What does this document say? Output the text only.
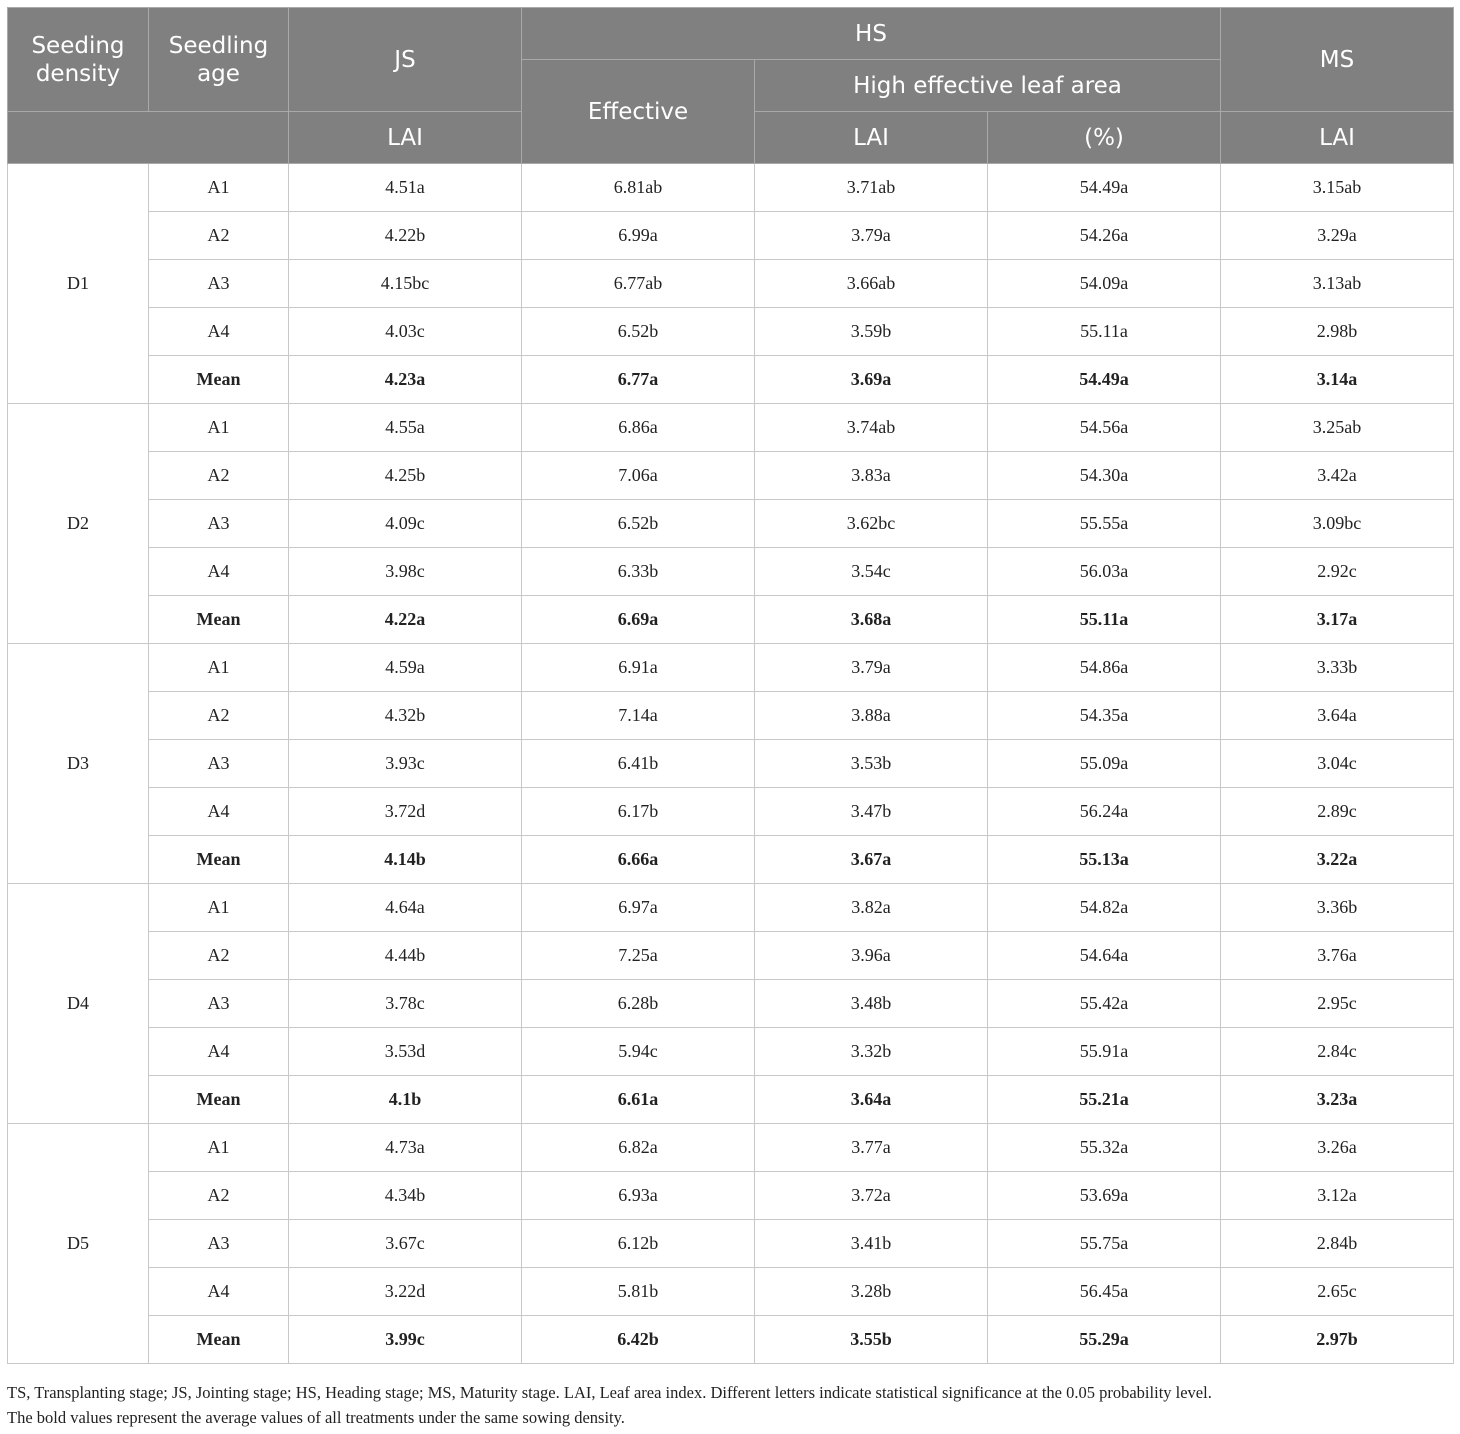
Seeding density	Seedling age	JS	HS			MS
			Effective	High effective leaf area		
		LAI		LAI	(%)	LAI
D1	A1	4.51a	6.81ab	3.71ab	54.49a	3.15ab
	A2	4.22b	6.99a	3.79a	54.26a	3.29a
	A3	4.15bc	6.77ab	3.66ab	54.09a	3.13ab
	A4	4.03c	6.52b	3.59b	55.11a	2.98b
	Mean	4.23a	6.77a	3.69a	54.49a	3.14a
D2	A1	4.55a	6.86a	3.74ab	54.56a	3.25ab
	A2	4.25b	7.06a	3.83a	54.30a	3.42a
	A3	4.09c	6.52b	3.62bc	55.55a	3.09bc
	A4	3.98c	6.33b	3.54c	56.03a	2.92c
	Mean	4.22a	6.69a	3.68a	55.11a	3.17a
D3	A1	4.59a	6.91a	3.79a	54.86a	3.33b
	A2	4.32b	7.14a	3.88a	54.35a	3.64a
	A3	3.93c	6.41b	3.53b	55.09a	3.04c
	A4	3.72d	6.17b	3.47b	56.24a	2.89c
	Mean	4.14b	6.66a	3.67a	55.13a	3.22a
D4	A1	4.64a	6.97a	3.82a	54.82a	3.36b
	A2	4.44b	7.25a	3.96a	54.64a	3.76a
	A3	3.78c	6.28b	3.48b	55.42a	2.95c
	A4	3.53d	5.94c	3.32b	55.91a	2.84c
	Mean	4.1b	6.61a	3.64a	55.21a	3.23a
D5	A1	4.73a	6.82a	3.77a	55.32a	3.26a
	A2	4.34b	6.93a	3.72a	53.69a	3.12a
	A3	3.67c	6.12b	3.41b	55.75a	2.84b
	A4	3.22d	5.81b	3.28b	56.45a	2.65c
	Mean	3.99c	6.42b	3.55b	55.29a	2.97b

TS, Transplanting stage; JS, Jointing stage; HS, Heading stage; MS, Maturity stage. LAI, Leaf area index. Different letters indicate statistical significance at the 0.05 probability level.

The bold values represent the average values of all treatments under the same sowing density.
